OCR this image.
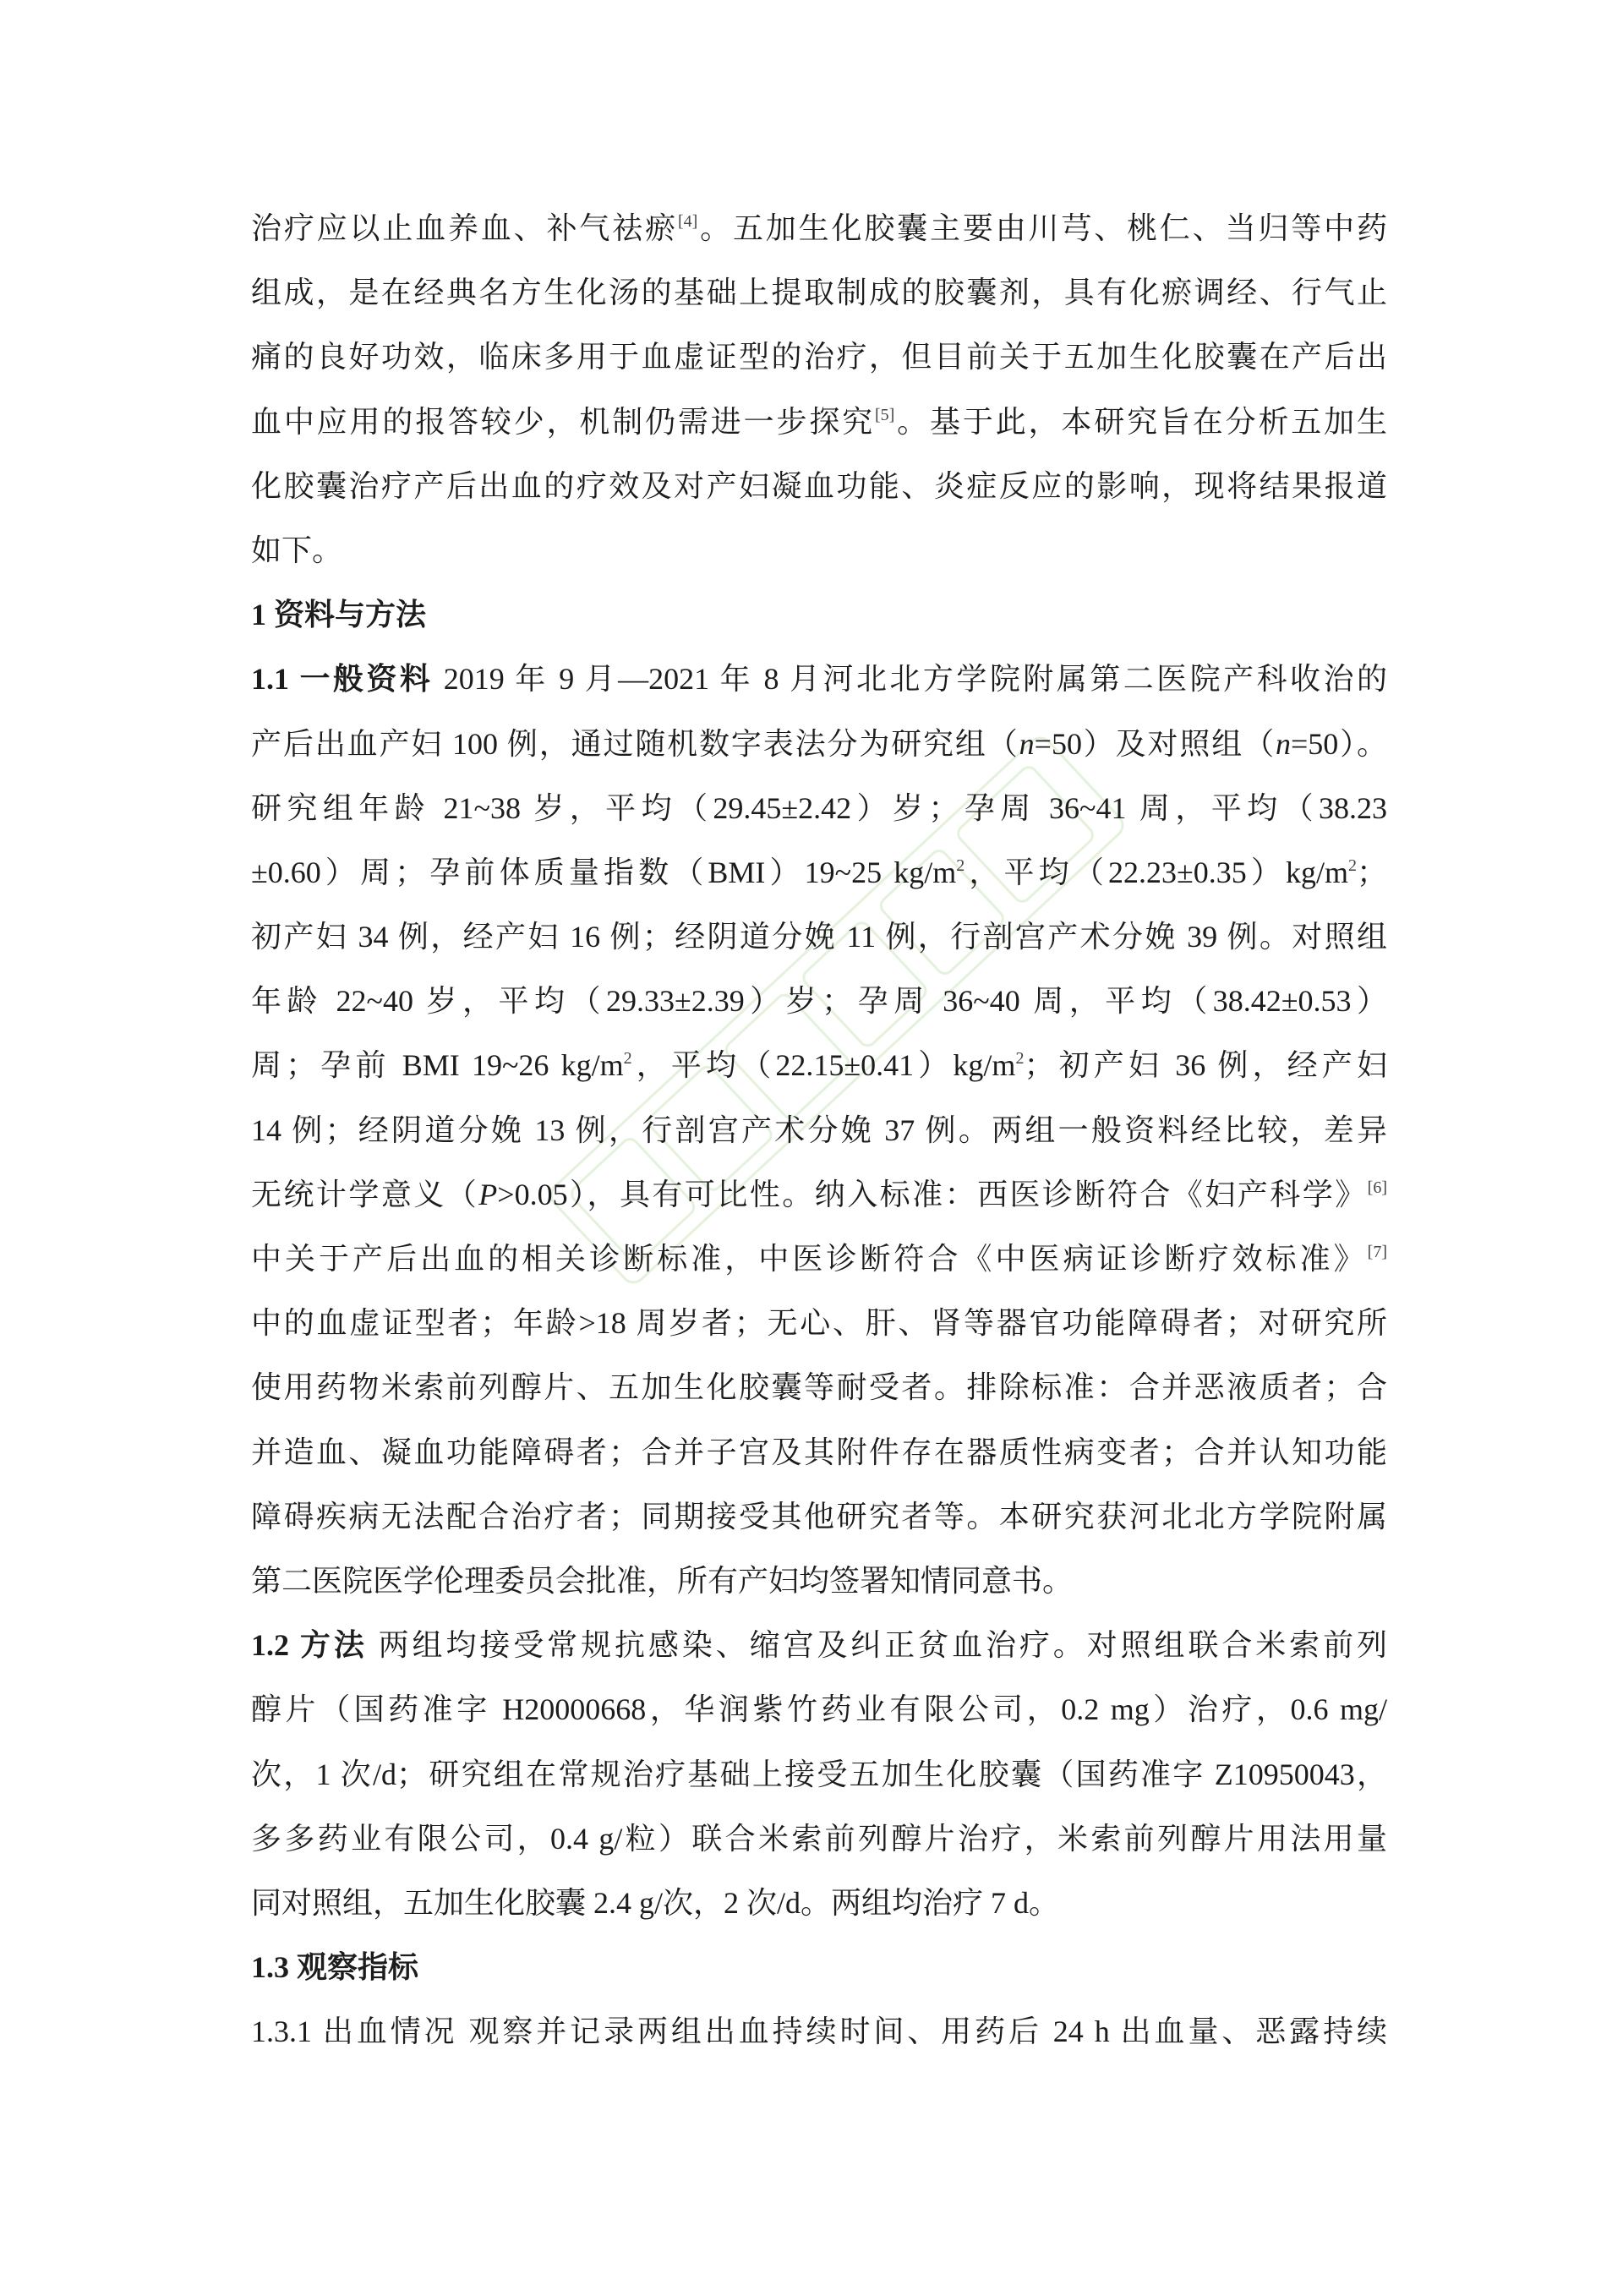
治疗应以止血养血、补气祛瘀[4]。五加生化胶囊主要由川芎、桃仁、当归等中药
组成，是在经典名方生化汤的基础上提取制成的胶囊剂，具有化瘀调经、行气止
痛的良好功效，临床多用于血虚证型的治疗，但目前关于五加生化胶囊在产后出
血中应用的报答较少，机制仍需进一步探究[5]。基于此，本研究旨在分析五加生
化胶囊治疗产后出血的疗效及对产妇凝血功能、炎症反应的影响，现将结果报道
如下。
1 资料与方法
1.1 一般资料 2019 年 9 月—2021 年 8 月河北北方学院附属第二医院产科收治的
产后出血产妇 100 例，通过随机数字表法分为研究组（n=50）及对照组（n=50）。
研究组年龄 21~38 岁，平均（29.45±2.42）岁；孕周 36~41 周，平均（38.23
±0.60）周；孕前体质量指数（BMI）19~25 $kg/m^2$，平均$(22.23\pm 0.35)kg/m^2$；
初产妇 34 例，经产妇 16 例；经阴道分娩 11 例，行剖宫产术分娩 39 例。对照组
年龄 22~40 岁，平均（29.33±2.39）岁；孕周 36~40 周，平均（38.42±0.53）
周；孕前 BMI 19~26 $kg/m^2$，平均$(22.15\pm 0.41)kg/m^2$；初产妇 36 例，经产妇
14 例；经阴道分娩 13 例，行剖宫产术分娩 37 例。两组一般资料经比较，差异
无统计学意义（P>0.05），具有可比性。纳入标准：西医诊断符合《妇产科学》[6]
中关于产后出血的相关诊断标准，中医诊断符合《中医病证诊断疗效标准》[7]
中的血虚证型者；年龄>18 周岁者；无心、肝、肾等器官功能障碍者；对研究所
使用药物米索前列醇片、五加生化胶囊等耐受者。排除标准：合并恶液质者；合
并造血、凝血功能障碍者；合并子宫及其附件存在器质性病变者；合并认知功能
障碍疾病无法配合治疗者；同期接受其他研究者等。本研究获河北北方学院附属
第二医院医学伦理委员会批准，所有产妇均签署知情同意书。
1.2 方法 两组均接受常规抗感染、缩宫及纠正贫血治疗。对照组联合米索前列
醇片（国药准字 H20000668，华润紫竹药业有限公司，0.2 mg）治疗，0.6 mg/
次，1 次/d；研究组在常规治疗基础上接受五加生化胶囊（国药准字 Z10950043，
多多药业有限公司，0.4 g/粒）联合米索前列醇片治疗，米索前列醇片用法用量
同对照组，五加生化胶囊 2.4 g/次，2 次/d。两组均治疗 7 d。
1.3 观察指标
1.3.1 出血情况 观察并记录两组出血持续时间、用药后 24 h 出血量、恶露持续
